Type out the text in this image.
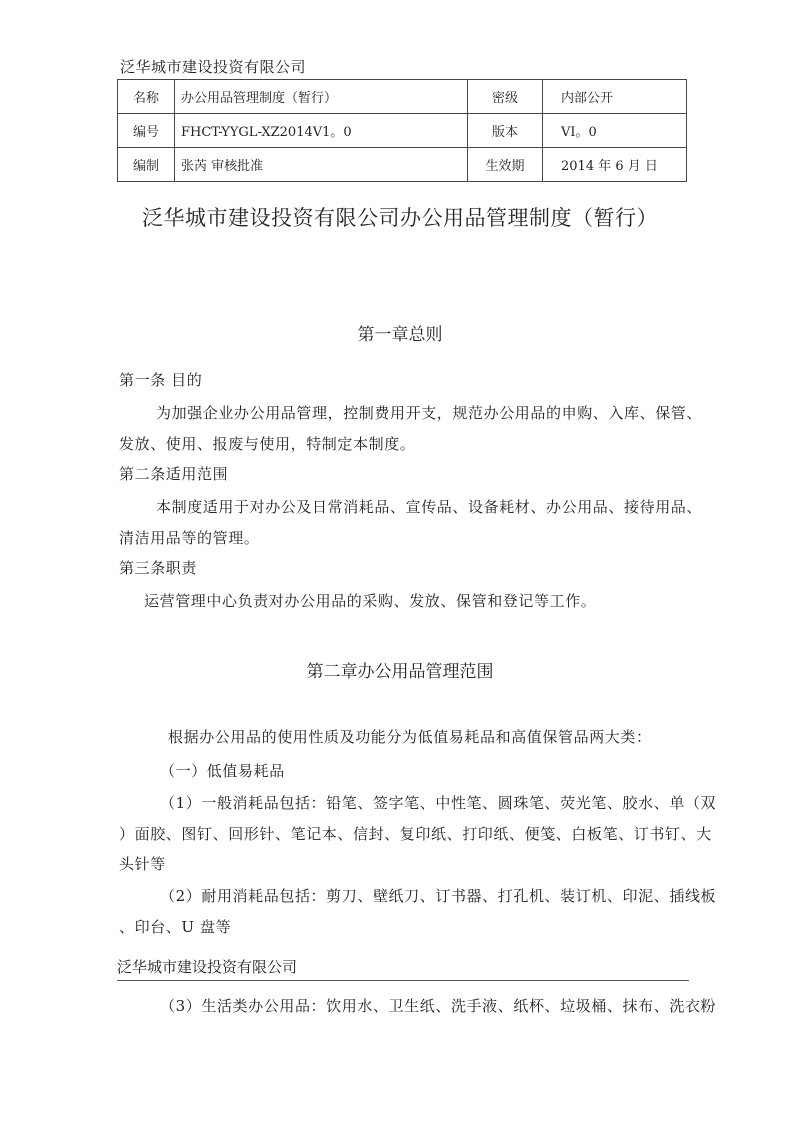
泛华城市建设投资有限公司
名称	办公用品管理制度（暂行）	密级	内部公开
编号	FHCT-YYGL-XZ2014V1。0	版本	VI。0
编制	张芮 审核批准	生效期	2014 年 6 月 日
泛华城市建设投资有限公司办公用品管理制度（暂行）
第一章总则
第一条 目的
为加强企业办公用品管理，控制费用开支，规范办公用品的申购、入库、保管、
发放、使用、报废与使用，特制定本制度。
第二条适用范围
本制度适用于对办公及日常消耗品、宣传品、设备耗材、办公用品、接待用品、
清洁用品等的管理。
第三条职责
运营管理中心负责对办公用品的采购、发放、保管和登记等工作。
第二章办公用品管理范围
根据办公用品的使用性质及功能分为低值易耗品和高值保管品两大类：
（一）低值易耗品
（1）一般消耗品包括：铅笔、签字笔、中性笔、圆珠笔、荧光笔、胶水、单（双
）面胶、图钉、回形针、笔记本、信封、复印纸、打印纸、便笺、白板笔、订书钉、大
头针等
（2）耐用消耗品包括：剪刀、壁纸刀、订书器、打孔机、装订机、印泥、插线板
、印台、U 盘等
泛华城市建设投资有限公司
（3）生活类办公用品：饮用水、卫生纸、洗手液、纸杯、垃圾桶、抹布、洗衣粉
